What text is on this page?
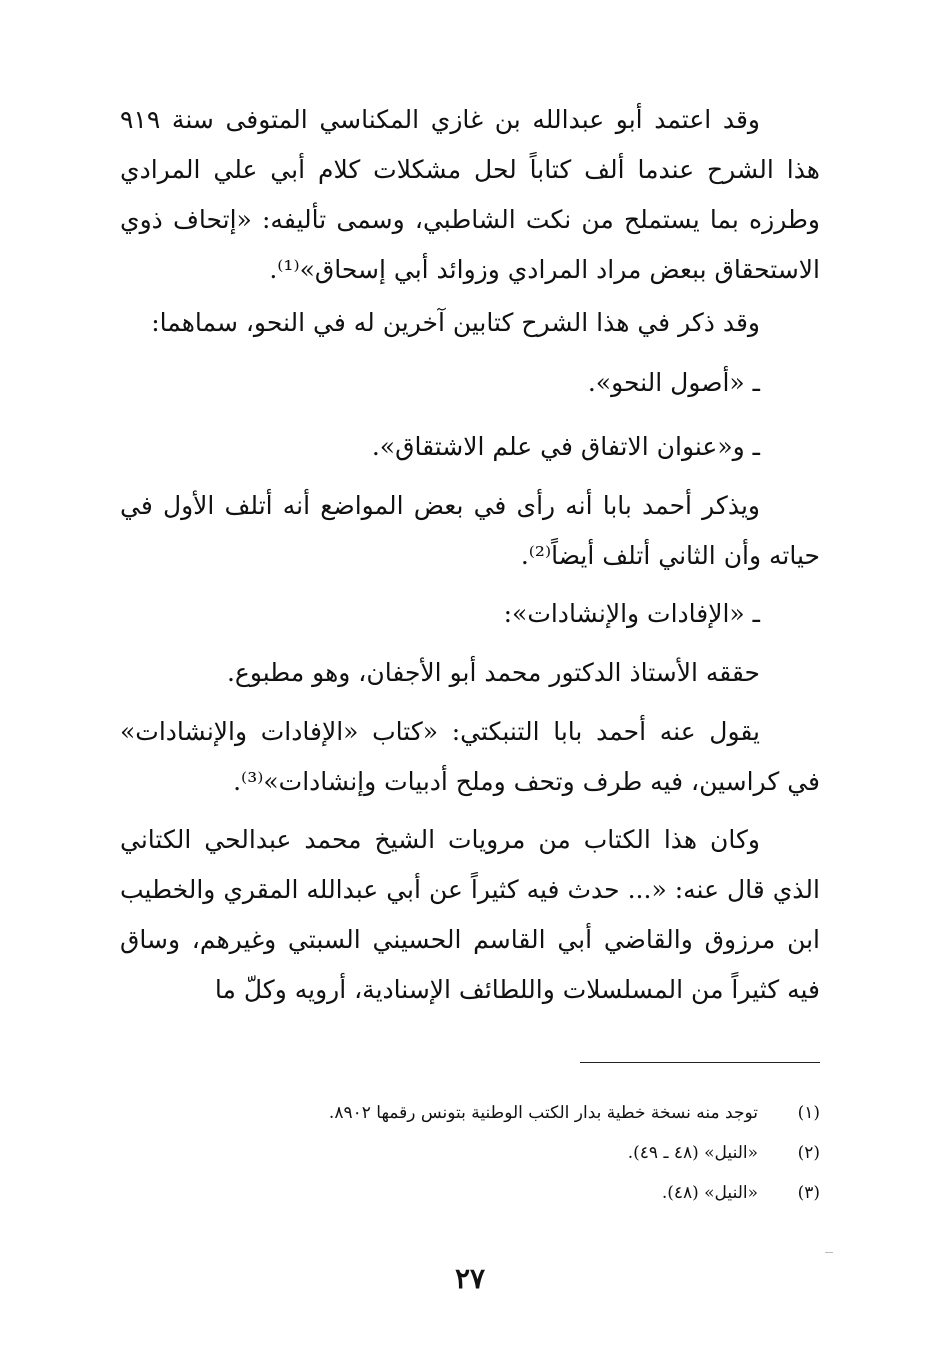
وقد اعتمد أبو عبدالله بن غازي المكناسي المتوفى سنة ٩١٩ هذا الشرح عندما ألف كتاباً لحل مشكلات كلام أبي علي المرادي وطرزه بما يستملح من نكت الشاطبي، وسمى تأليفه: «إتحاف ذوي الاستحقاق ببعض مراد المرادي وزوائد أبي إسحاق»⁽¹⁾.

وقد ذكر في هذا الشرح كتابين آخرين له في النحو، سماهما:

ـ «أصول النحو».

ـ و«عنوان الاتفاق في علم الاشتقاق».

ويذكر أحمد بابا أنه رأى في بعض المواضع أنه أتلف الأول في حياته وأن الثاني أتلف أيضاً⁽²⁾.

ـ «الإفادات والإنشادات»:

حققه الأستاذ الدكتور محمد أبو الأجفان، وهو مطبوع.

يقول عنه أحمد بابا التنبكتي: «كتاب «الإفادات والإنشادات» في كراسين، فيه طرف وتحف وملح أدبيات وإنشادات»⁽³⁾.

وكان هذا الكتاب من مرويات الشيخ محمد عبدالحي الكتاني الذي قال عنه: «... حدث فيه كثيراً عن أبي عبدالله المقري والخطيب ابن مرزوق والقاضي أبي القاسم الحسيني السبتي وغيرهم، وساق فيه كثيراً من المسلسلات واللطائف الإسنادية، أرويه وكلّ ما

(١)
توجد منه نسخة خطية بدار الكتب الوطنية بتونس رقمها ٨٩٠٢.
(٢)
«النيل» (٤٨ ـ ٤٩).
(٣)
«النيل» (٤٨).
٢٧
